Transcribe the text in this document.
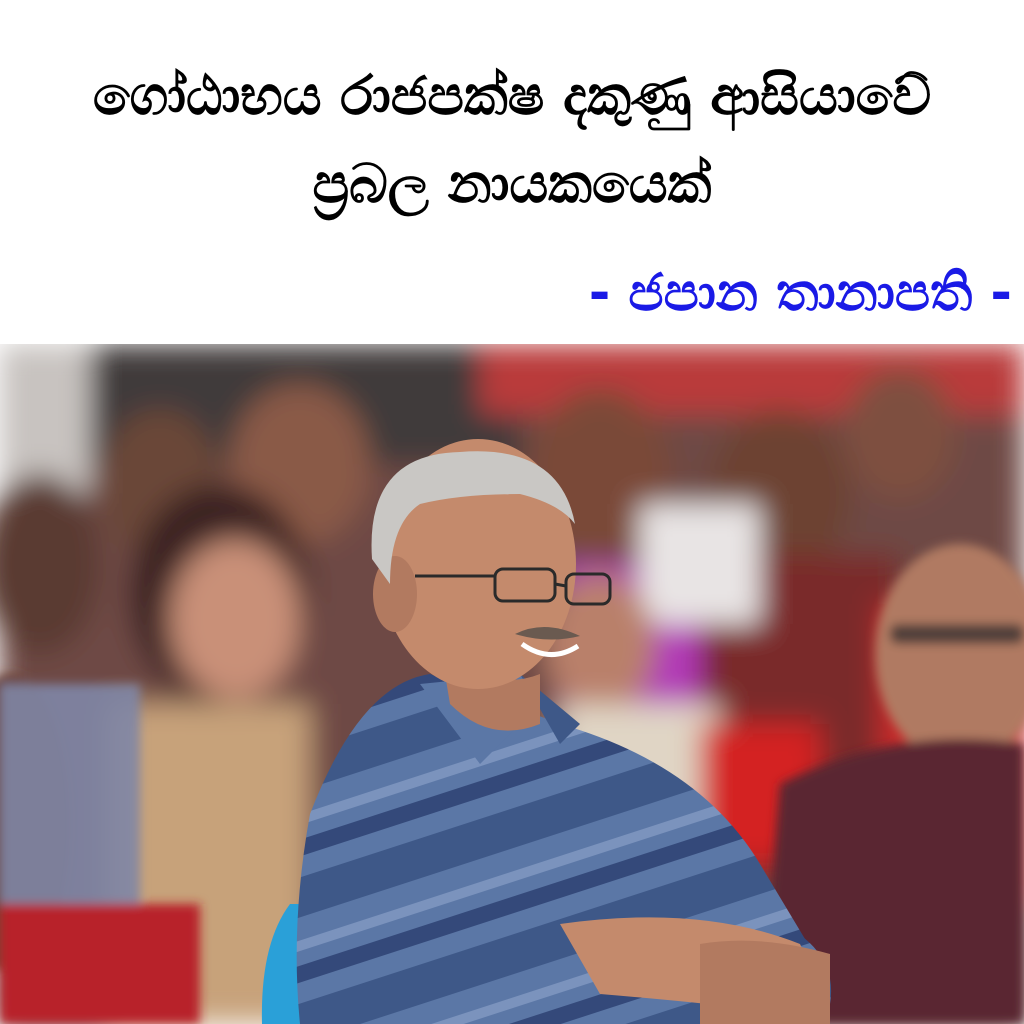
ගෝඨාභය රාජපක්ෂ දකුණු ආසියාවේ
ප්‍රබල නායකයෙක්

- ජපාන තානාපති -
